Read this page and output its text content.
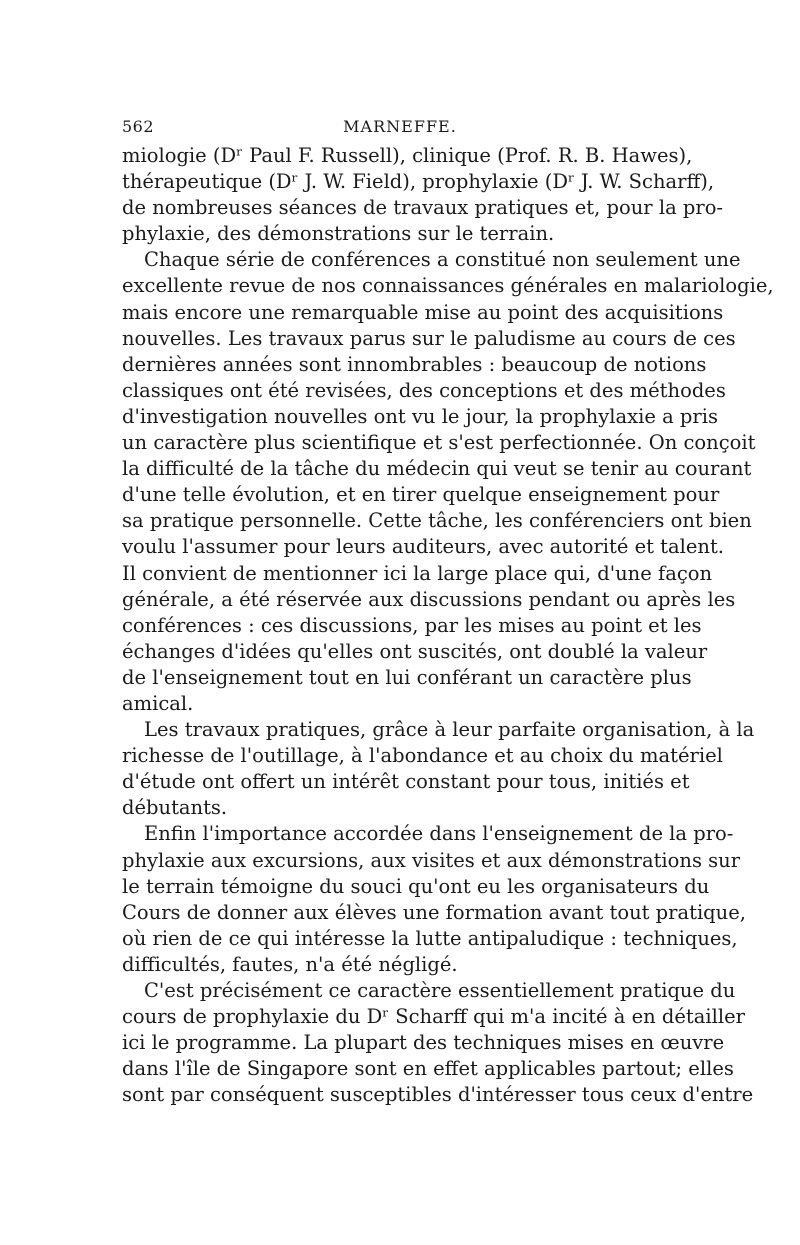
562	MARNEFFE.
miologie (Dʳ Paul F. Russell), clinique (Prof. R. B. Hawes),
thérapeutique (Dʳ J. W. Field), prophylaxie (Dʳ J. W. Scharff),
de nombreuses séances de travaux pratiques et, pour la pro-
phylaxie, des démonstrations sur le terrain.
Chaque série de conférences a constitué non seulement une
excellente revue de nos connaissances générales en malariologie,
mais encore une remarquable mise au point des acquisitions
nouvelles. Les travaux parus sur le paludisme au cours de ces
dernières années sont innombrables : beaucoup de notions
classiques ont été revisées, des conceptions et des méthodes
d'investigation nouvelles ont vu le jour, la prophylaxie a pris
un caractère plus scientifique et s'est perfectionnée. On conçoit
la difficulté de la tâche du médecin qui veut se tenir au courant
d'une telle évolution, et en tirer quelque enseignement pour
sa pratique personnelle. Cette tâche, les conférenciers ont bien
voulu l'assumer pour leurs auditeurs, avec autorité et talent.
Il convient de mentionner ici la large place qui, d'une façon
générale, a été réservée aux discussions pendant ou après les
conférences : ces discussions, par les mises au point et les
échanges d'idées qu'elles ont suscités, ont doublé la valeur
de l'enseignement tout en lui conférant un caractère plus
amical.
Les travaux pratiques, grâce à leur parfaite organisation, à la
richesse de l'outillage, à l'abondance et au choix du matériel
d'étude ont offert un intérêt constant pour tous, initiés et
débutants.
Enfin l'importance accordée dans l'enseignement de la pro-
phylaxie aux excursions, aux visites et aux démonstrations sur
le terrain témoigne du souci qu'ont eu les organisateurs du
Cours de donner aux élèves une formation avant tout pratique,
où rien de ce qui intéresse la lutte antipaludique : techniques,
difficultés, fautes, n'a été négligé.
C'est précisément ce caractère essentiellement pratique du
cours de prophylaxie du Dʳ Scharff qui m'a incité à en détailler
ici le programme. La plupart des techniques mises en œuvre
dans l'île de Singapore sont en effet applicables partout; elles
sont par conséquent susceptibles d'intéresser tous ceux d'entre
